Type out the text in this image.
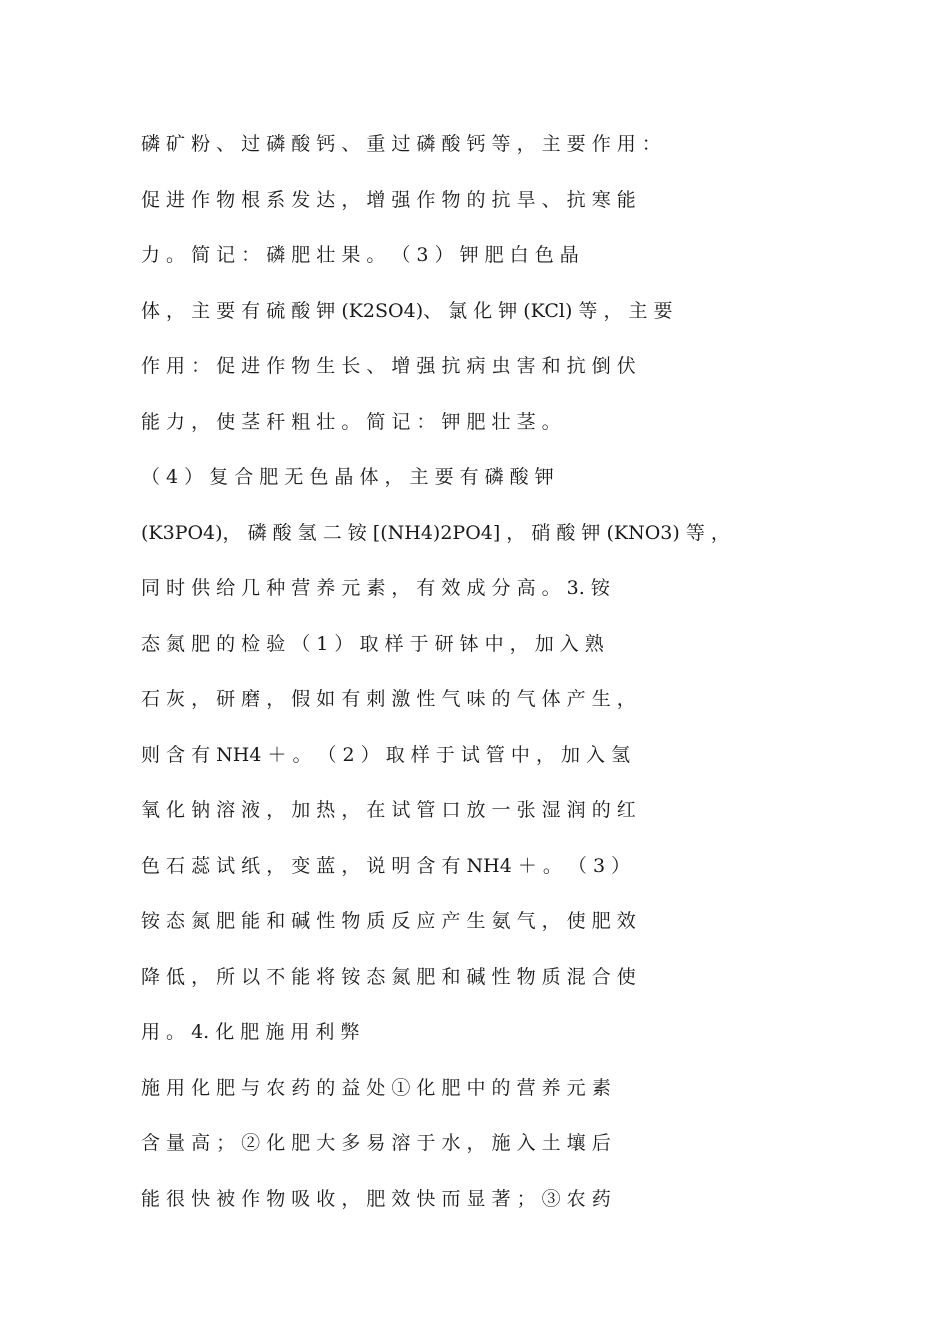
磷 矿 粉 、 过 磷 酸 钙 、 重 过 磷 酸 钙 等 ， 主 要 作 用 ：

促 进 作 物 根 系 发 达 ， 增 强 作 物 的 抗 旱 、 抗 寒 能

力 。 简 记 ： 磷 肥 壮 果 。 （ 3 ） 钾 肥 白 色 晶

体 ， 主 要 有 硫 酸 钾 (K2SO4)、 氯 化 钾 (KCl) 等 ， 主 要

作 用 ： 促 进 作 物 生 长 、 增 强 抗 病 虫 害 和 抗 倒 伏

能 力 ， 使 茎 秆 粗 壮 。 简 记 ： 钾 肥 壮 茎 。

（ 4 ） 复 合 肥 无 色 晶 体 ， 主 要 有 磷 酸 钾

(K3PO4)， 磷 酸 氢 二 铵 [(NH4)2PO4] ， 硝 酸 钾 (KNO3) 等 ，

同 时 供 给 几 种 营 养 元 素 ， 有 效 成 分 高 。 3. 铵

态 氮 肥 的 检 验 （ 1 ） 取 样 于 研 钵 中 ， 加 入 熟

石 灰 ， 研 磨 ， 假 如 有 刺 激 性 气 味 的 气 体 产 生 ，

则 含 有 NH4 ＋ 。 （ 2 ） 取 样 于 试 管 中 ， 加 入 氢

氧 化 钠 溶 液 ， 加 热 ， 在 试 管 口 放 一 张 湿 润 的 红

色 石 蕊 试 纸 ， 变 蓝 ， 说 明 含 有 NH4 ＋ 。 （ 3 ）

铵 态 氮 肥 能 和 碱 性 物 质 反 应 产 生 氨 气 ， 使 肥 效

降 低 ， 所 以 不 能 将 铵 态 氮 肥 和 碱 性 物 质 混 合 使

用 。 4. 化 肥 施 用 利 弊

施 用 化 肥 与 农 药 的 益 处 ① 化 肥 中 的 营 养 元 素

含 量 高 ； ② 化 肥 大 多 易 溶 于 水 ， 施 入 土 壤 后

能 很 快 被 作 物 吸 收 ， 肥 效 快 而 显 著 ； ③ 农 药
